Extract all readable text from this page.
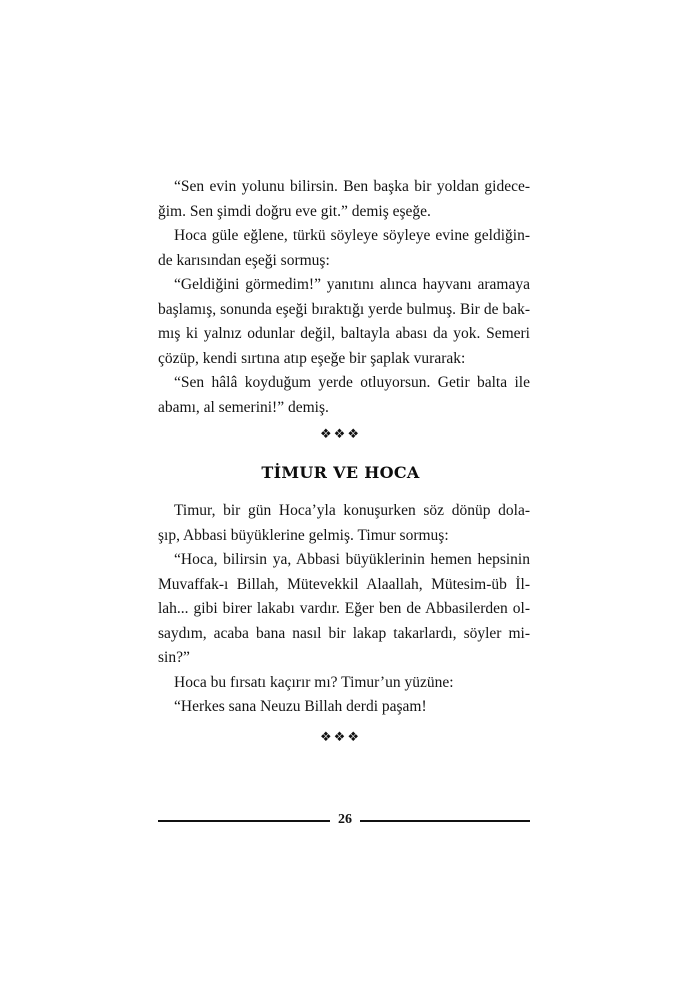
“Sen evin yolunu bilirsin. Ben başka bir yoldan gidece-
ğim. Sen şimdi doğru eve git.” demiş eşeğe.
Hoca güle eğlene, türkü söyleye söyleye evine geldiğin-
de karısından eşeği sormuş:
“Geldiğini görmedim!” yanıtını alınca hayvanı aramaya
başlamış, sonunda eşeği bıraktığı yerde bulmuş. Bir de bak-
mış ki yalnız odunlar değil, baltayla abası da yok. Semeri
çözüp, kendi sırtına atıp eşeğe bir şaplak vurarak:
“Sen hâlâ koyduğum yerde otluyorsun. Getir balta ile
abamı, al semerini!” demiş.
❖❖❖
TİMUR VE HOCA
Timur, bir gün Hoca’yla konuşurken söz dönüp dola-
şıp, Abbasi büyüklerine gelmiş. Timur sormuş:
“Hoca, bilirsin ya, Abbasi büyüklerinin hemen hepsinin
Muvaffak-ı Billah, Mütevekkil Alaallah, Mütesim-üb İl-
lah... gibi birer lakabı vardır. Eğer ben de Abbasilerden ol-
saydım, acaba bana nasıl bir lakap takarlardı, söyler mi-
sin?”
Hoca bu fırsatı kaçırır mı? Timur’un yüzüne:
“Herkes sana Neuzu Billah derdi paşam!
❖❖❖
26
